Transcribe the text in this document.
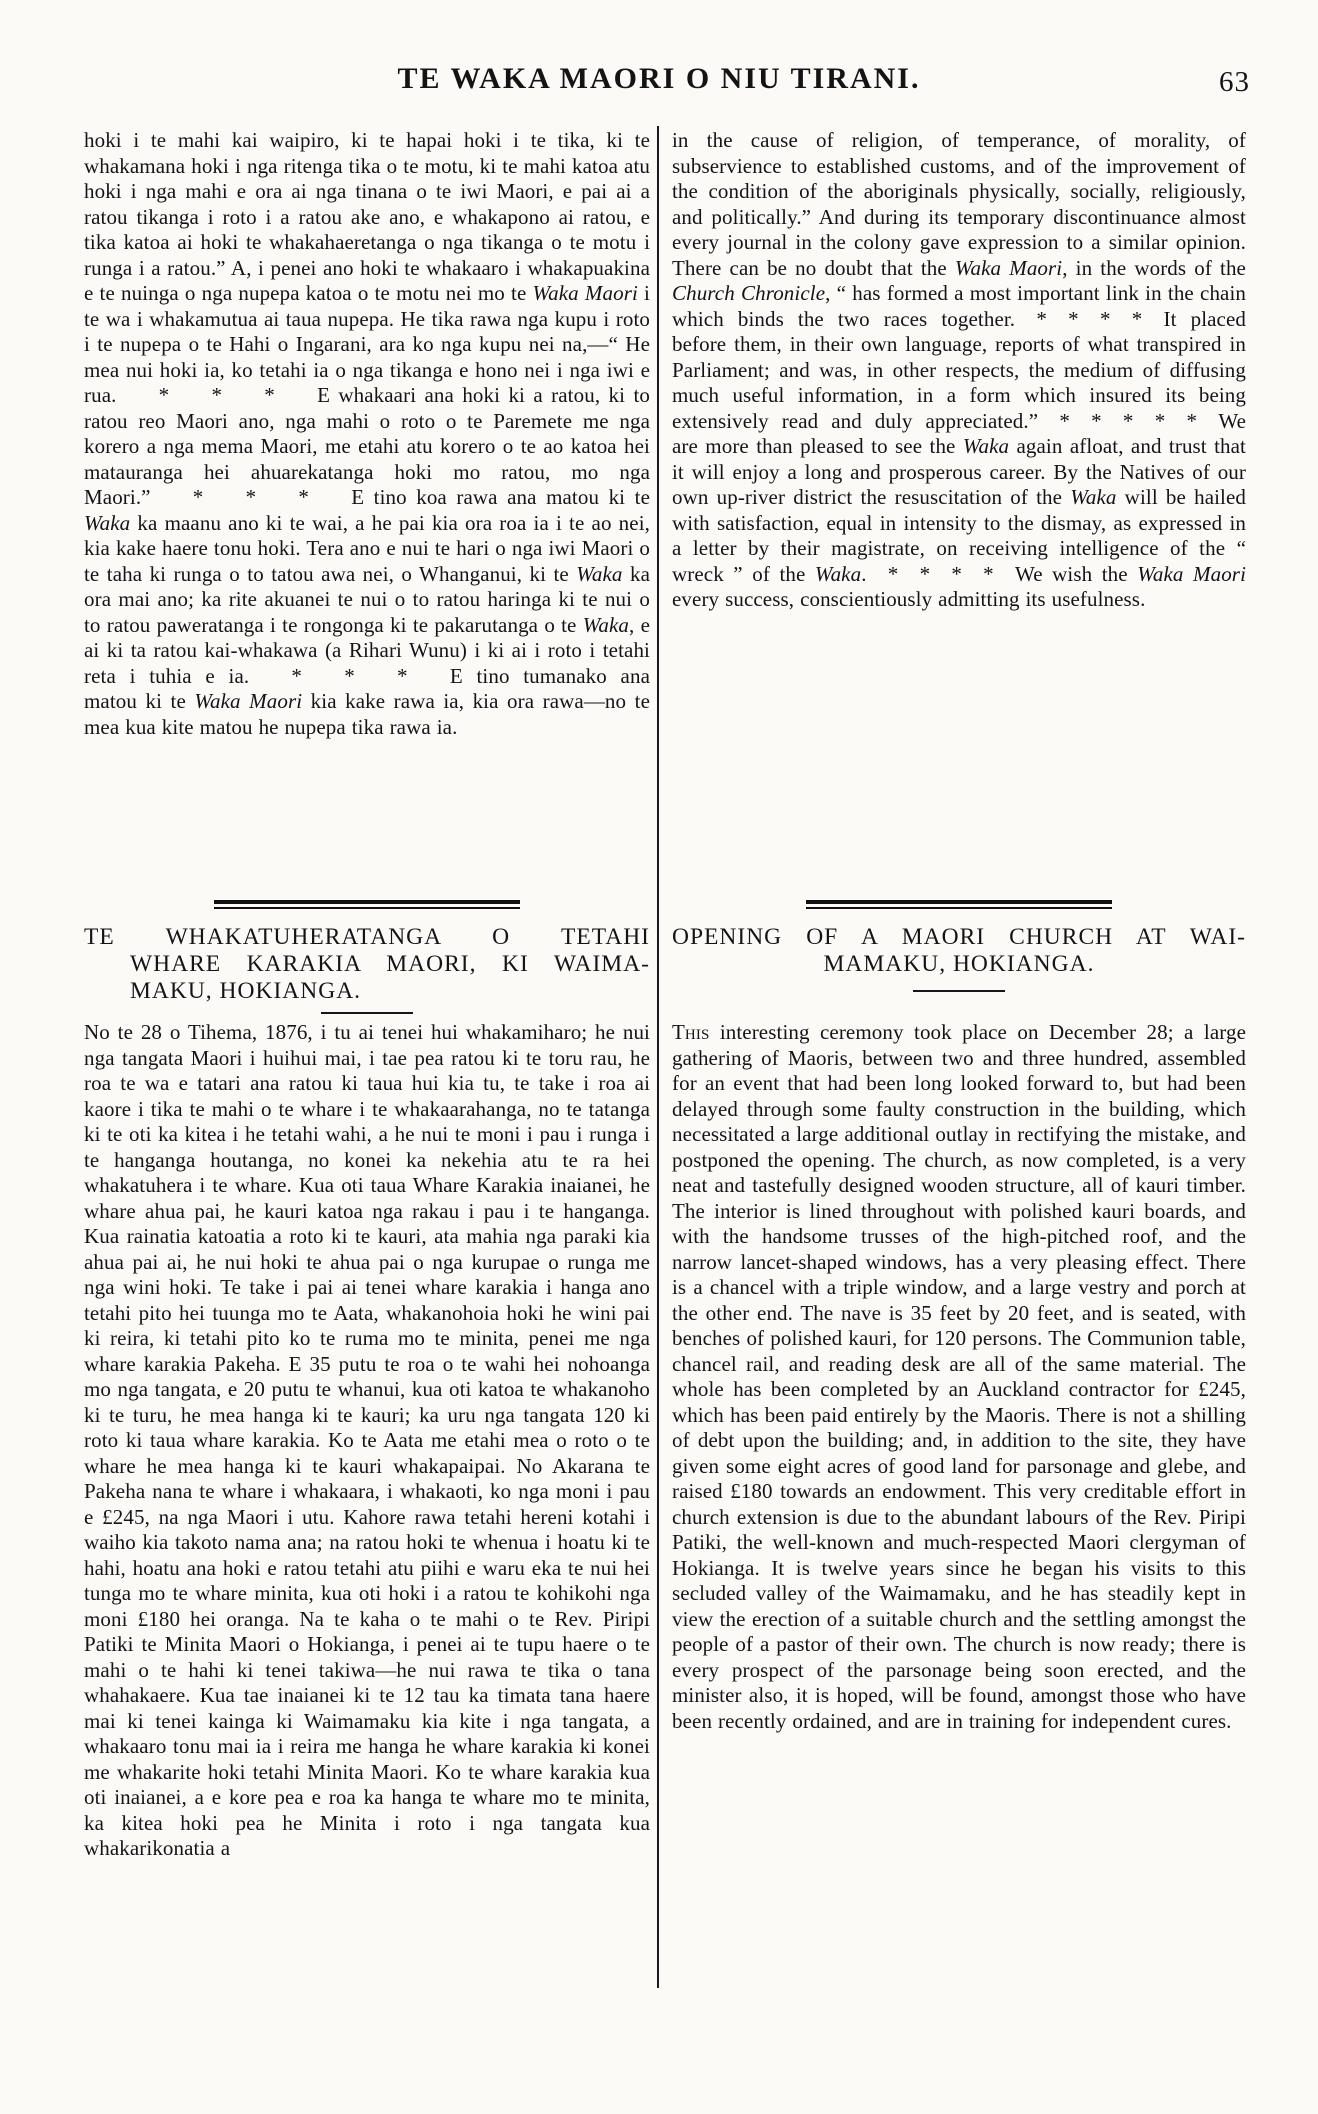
TE WAKA MAORI O NIU TIRANI.	63
hoki i te mahi kai waipiro, ki te hapai hoki i te tika, ki te whakamana hoki i nga ritenga tika o te motu, ki te mahi katoa atu hoki i nga mahi e ora ai nga tinana o te iwi Maori, e pai ai a ratou tikanga i roto i a ratou ake ano, e whakapono ai ratou, e tika katoa ai hoki te whakahaeretanga o nga tikanga o te motu i runga i a ratou.” A, i penei ano hoki te whakaaro i whakapuakina e te nuinga o nga nupepa katoa o te motu nei mo te Waka Maori i te wa i whakamutua ai taua nupepa. He tika rawa nga kupu i roto i te nupepa o te Hahi o Ingarani, ara ko nga kupu nei na,—“ He mea nui hoki ia, ko tetahi ia o nga tikanga e hono nei i nga iwi e rua.  *  *  *  E whakaari ana hoki ki a ratou, ki to ratou reo Maori ano, nga mahi o roto o te Paremete me nga korero a nga mema Maori, me etahi atu korero o te ao katoa hei matauranga hei ahuarekatanga hoki mo ratou, mo nga Maori.”  *  *  *  E tino koa rawa ana matou ki te Waka ka maanu ano ki te wai, a he pai kia ora roa ia i te ao nei, kia kake haere tonu hoki. Tera ano e nui te hari o nga iwi Maori o te taha ki runga o to tatou awa nei, o Whanganui, ki te Waka ka ora mai ano; ka rite akuanei te nui o to ratou haringa ki te nui o to ratou paweratanga i te rongonga ki te pakarutanga o te Waka, e ai ki ta ratou kai-whakawa (a Rihari Wunu) i ki ai i roto i tetahi reta i tuhia e ia.  *  *  *  E tino tumanako ana matou ki te Waka Maori kia kake rawa ia, kia ora rawa—no te mea kua kite matou he nupepa tika rawa ia.
TE WHAKATUHERATANGA O TETAHI
WHARE KARAKIA MAORI, KI WAIMA-
MAKU, HOKIANGA.
No te 28 o Tihema, 1876, i tu ai tenei hui whakamiharo; he nui nga tangata Maori i huihui mai, i tae pea ratou ki te toru rau, he roa te wa e tatari ana ratou ki taua hui kia tu, te take i roa ai kaore i tika te mahi o te whare i te whakaarahanga, no te tatanga ki te oti ka kitea i he tetahi wahi, a he nui te moni i pau i runga i te hanganga houtanga, no konei ka nekehia atu te ra hei whakatuhera i te whare. Kua oti taua Whare Karakia inaianei, he whare ahua pai, he kauri katoa nga rakau i pau i te hanganga. Kua rainatia katoatia a roto ki te kauri, ata mahia nga paraki kia ahua pai ai, he nui hoki te ahua pai o nga kurupae o runga me nga wini hoki. Te take i pai ai tenei whare karakia i hanga ano tetahi pito hei tuunga mo te Aata, whakanohoia hoki he wini pai ki reira, ki tetahi pito ko te ruma mo te minita, penei me nga whare karakia Pakeha. E 35 putu te roa o te wahi hei nohoanga mo nga tangata, e 20 putu te whanui, kua oti katoa te whakanoho ki te turu, he mea hanga ki te kauri; ka uru nga tangata 120 ki roto ki taua whare karakia. Ko te Aata me etahi mea o roto o te whare he mea hanga ki te kauri whakapaipai. No Akarana te Pakeha nana te whare i whakaara, i whakaoti, ko nga moni i pau e £245, na nga Maori i utu. Kahore rawa tetahi hereni kotahi i waiho kia takoto nama ana; na ratou hoki te whenua i hoatu ki te hahi, hoatu ana hoki e ratou tetahi atu piihi e waru eka te nui hei tunga mo te whare minita, kua oti hoki i a ratou te kohikohi nga moni £180 hei oranga. Na te kaha o te mahi o te Rev. Piripi Patiki te Minita Maori o Hokianga, i penei ai te tupu haere o te mahi o te hahi ki tenei takiwa—he nui rawa te tika o tana whahakaere. Kua tae inaianei ki te 12 tau ka timata tana haere mai ki tenei kainga ki Waimamaku kia kite i nga tangata, a whakaaro tonu mai ia i reira me hanga he whare karakia ki konei me whakarite hoki tetahi Minita Maori. Ko te whare karakia kua oti inaianei, a e kore pea e roa ka hanga te whare mo te minita, ka kitea hoki pea he Minita i roto i nga tangata kua whakarikonatia a
in the cause of religion, of temperance, of morality, of subservience to established customs, and of the improvement of the condition of the aboriginals physically, socially, religiously, and politically.” And during its temporary discontinuance almost every journal in the colony gave expression to a similar opinion. There can be no doubt that the Waka Maori, in the words of the Church Chronicle, “ has formed a most important link in the chain which binds the two races together.  *  *  *  *  It placed before them, in their own language, reports of what transpired in Parliament; and was, in other respects, the medium of diffusing much useful information, in a form which insured its being extensively read and duly appreciated.”  *  *  *  *  *  We are more than pleased to see the Waka again afloat, and trust that it will enjoy a long and prosperous career. By the Natives of our own up-river district the resuscitation of the Waka will be hailed with satisfaction, equal in intensity to the dismay, as expressed in a letter by their magistrate, on receiving intelligence of the “ wreck ” of the Waka.  *  *  *  *  We wish the Waka Maori every success, conscientiously admitting its usefulness.
OPENING OF A MAORI CHURCH AT WAI-
MAMAKU, HOKIANGA.
This interesting ceremony took place on December 28; a large gathering of Maoris, between two and three hundred, assembled for an event that had been long looked forward to, but had been delayed through some faulty construction in the building, which necessitated a large additional outlay in rectifying the mistake, and postponed the opening. The church, as now completed, is a very neat and tastefully designed wooden structure, all of kauri timber. The interior is lined throughout with polished kauri boards, and with the handsome trusses of the high-pitched roof, and the narrow lancet-shaped windows, has a very pleasing effect. There is a chancel with a triple window, and a large vestry and porch at the other end. The nave is 35 feet by 20 feet, and is seated, with benches of polished kauri, for 120 persons. The Communion table, chancel rail, and reading desk are all of the same material. The whole has been completed by an Auckland contractor for £245, which has been paid entirely by the Maoris. There is not a shilling of debt upon the building; and, in addition to the site, they have given some eight acres of good land for parsonage and glebe, and raised £180 towards an endowment. This very creditable effort in church extension is due to the abundant labours of the Rev. Piripi Patiki, the well-known and much-respected Maori clergyman of Hokianga. It is twelve years since he began his visits to this secluded valley of the Waimamaku, and he has steadily kept in view the erection of a suitable church and the settling amongst the people of a pastor of their own. The church is now ready; there is every prospect of the parsonage being soon erected, and the minister also, it is hoped, will be found, amongst those who have been recently ordained, and are in training for independent cures.
